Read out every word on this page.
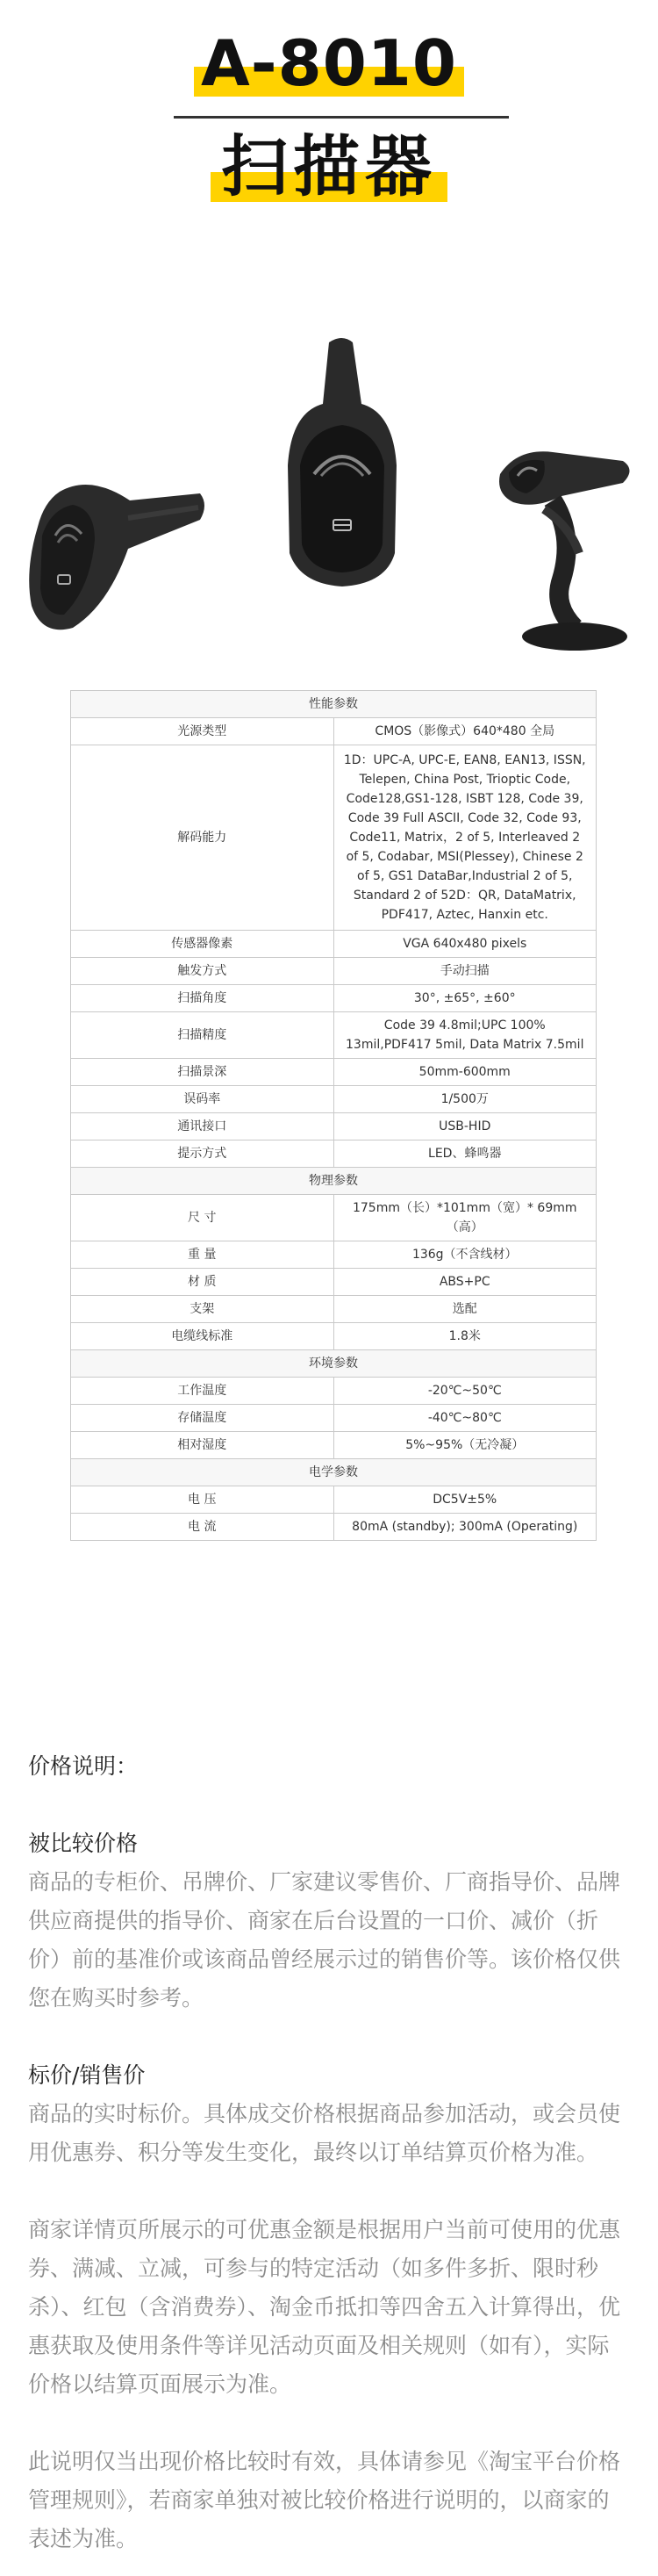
A-8010
扫描器
性能参数	
光源类型	CMOS（影像式）640*480 全局
解码能力	1D：UPC-A, UPC-E, EAN8, EAN13, ISSN, Telepen, China Post, Trioptic Code, Code128,GS1-128, ISBT 128, Code 39, Code 39 Full ASCII, Code 32, Code 93, Code11, Matrix，2 of 5, Interleaved 2 of 5, Codabar, MSI(Plessey), Chinese 2 of 5, GS1 DataBar,Industrial 2 of 5, Standard 2 of 52D：QR, DataMatrix, PDF417, Aztec, Hanxin etc.
传感器像素	VGA 640x480 pixels
触发方式	手动扫描
扫描角度	30°, ±65°, ±60°
扫描精度	Code 39 4.8mil;UPC 100% 13mil,PDF417 5mil, Data Matrix 7.5mil
扫描景深	50mm-600mm
误码率	1/500万
通讯接口	USB-HID
提示方式	LED、蜂鸣器
物理参数	
尺 寸	175mm（长）*101mm（宽）* 69mm（高）
重 量	136g（不含线材）
材 质	ABS+PC
支架	选配
电缆线标准	1.8米
环境参数	
工作温度	-20℃~50℃
存储温度	-40℃~80℃
相对湿度	5%~95%（无冷凝）
电学参数	
电 压	DC5V±5%
电 流	80mA (standby); 300mA (Operating)
价格说明：
被比较价格
商品的专柜价、吊牌价、厂家建议零售价、厂商指导价、品牌供应商提供的指导价、商家在后台设置的一口价、减价（折价）前的基准价或该商品曾经展示过的销售价等。该价格仅供您在购买时参考。
标价/销售价
商品的实时标价。具体成交价格根据商品参加活动，或会员使用优惠券、积分等发生变化，最终以订单结算页价格为准。
商家详情页所展示的可优惠金额是根据用户当前可使用的优惠券、满减、立减，可参与的特定活动（如多件多折、限时秒杀）、红包（含消费券）、淘金币抵扣等四舍五入计算得出，优惠获取及使用条件等详见活动页面及相关规则（如有），实际价格以结算页面展示为准。
此说明仅当出现价格比较时有效，具体请参见《淘宝平台价格管理规则》，若商家单独对被比较价格进行说明的，以商家的表述为准。
